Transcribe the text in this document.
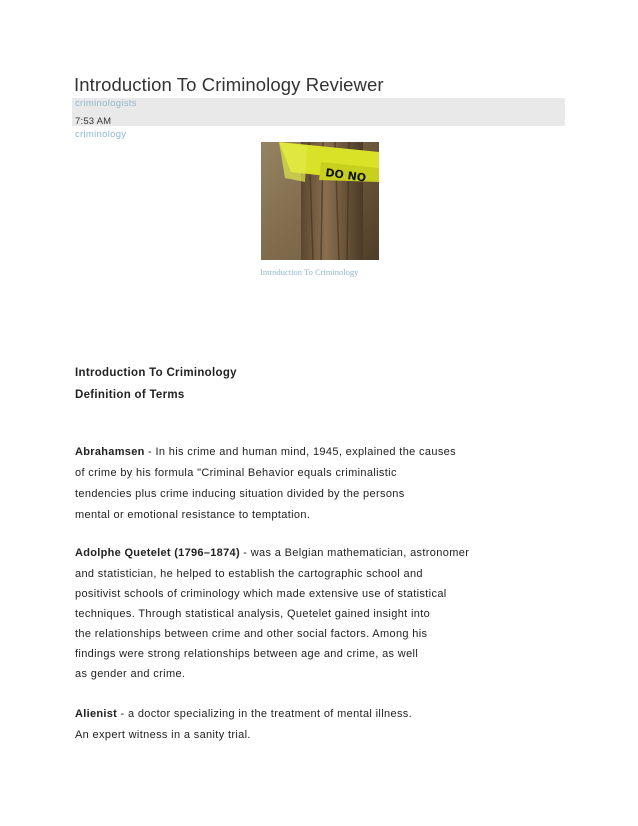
Introduction To Criminology Reviewer
criminologists
7:53 AM
criminology
DO NO
Introduction To Criminology
Introduction To Criminology
Definition of Terms
Abrahamsen - In his crime and human mind, 1945, explained the causes
of crime by his formula "Criminal Behavior equals criminalistic
tendencies plus crime inducing situation divided by the persons
mental or emotional resistance to temptation.
Adolphe Quetelet (1796–1874) - was a Belgian mathematician, astronomer
and statistician, he helped to establish the cartographic school and
positivist schools of criminology which made extensive use of statistical
techniques. Through statistical analysis, Quetelet gained insight into
the relationships between crime and other social factors. Among his
findings were strong relationships between age and crime, as well
as gender and crime.
Alienist - a doctor specializing in the treatment of mental illness.
An expert witness in a sanity trial.
